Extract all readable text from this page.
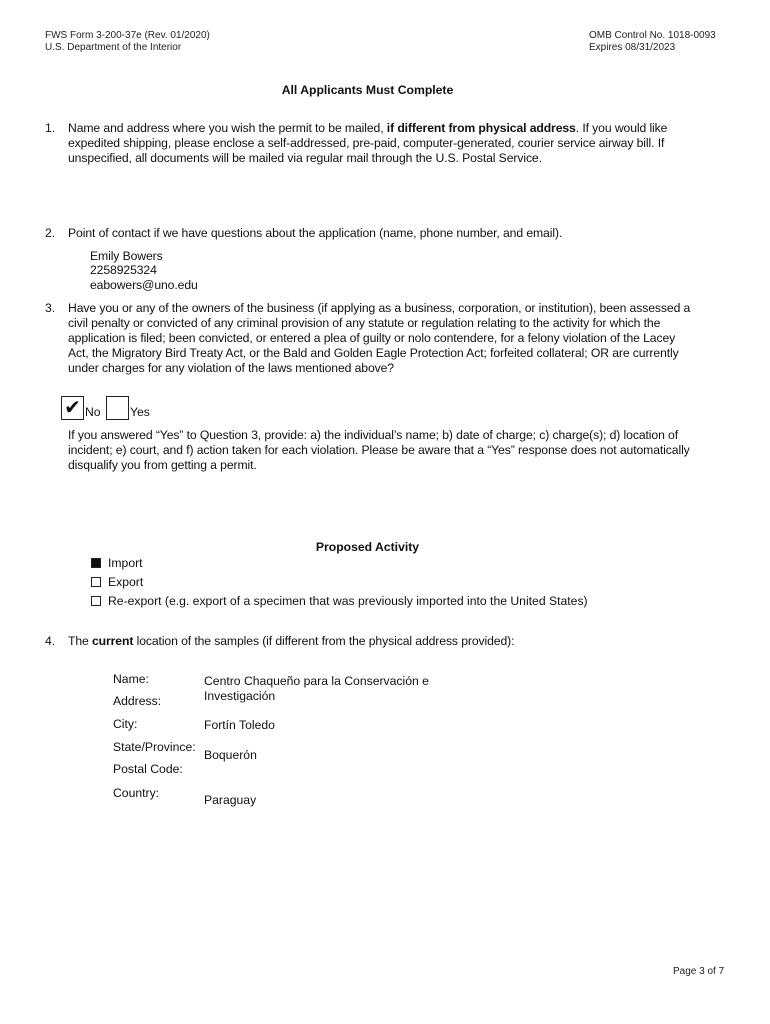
FWS Form 3-200-37e (Rev. 01/2020)
U.S. Department of the Interior
OMB Control No. 1018-0093
Expires 08/31/2023
All Applicants Must Complete
1. Name and address where you wish the permit to be mailed, if different from physical address. If you would like
expedited shipping, please enclose a self-addressed, pre-paid, computer-generated, courier service airway bill. If
unspecified, all documents will be mailed via regular mail through the U.S. Postal Service.
2. Point of contact if we have questions about the application (name, phone number, and email).
Emily Bowers
2258925324
eabowers@uno.edu
3. Have you or any of the owners of the business (if applying as a business, corporation, or institution), been assessed a
civil penalty or convicted of any criminal provision of any statute or regulation relating to the activity for which the
application is filed; been convicted, or entered a plea of guilty or nolo contendere, for a felony violation of the Lacey
Act, the Migratory Bird Treaty Act, or the Bald and Golden Eagle Protection Act; forfeited collateral; OR are currently
under charges for any violation of the laws mentioned above?
✔ No Yes
If you answered “Yes” to Question 3, provide: a) the individual’s name; b) date of charge; c) charge(s); d) location of
incident; e) court, and f) action taken for each violation. Please be aware that a “Yes” response does not automatically
disqualify you from getting a permit.
Proposed Activity
Import
Export
Re-export (e.g. export of a specimen that was previously imported into the United States)
4. The current location of the samples (if different from the physical address provided):
Name:
Address:
City:
State/Province:
Postal Code:
Country:
Centro Chaqueño para la Conservación e
Investigación
Fortín Toledo
Boquerón
Paraguay
Page 3 of 7
